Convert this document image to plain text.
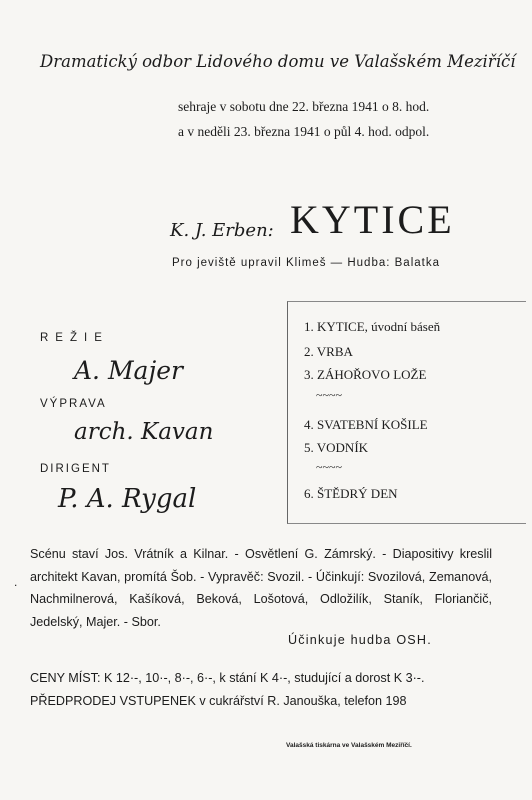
Dramatický odbor Lidového domu ve Valašském Meziříčí
sehraje v sobotu dne 22. března 1941 o 8. hod.
a v neděli 23. března 1941 o půl 4. hod. odpol.
K. J. Erben: KYTICE
Pro jeviště upravil Klimeš — Hudba: Balatka
REŽIE
A. Majer
VÝPRAVA
arch. Kavan
DIRIGENT
P. A. Rygal
1. KYTICE, úvodní báseň
2. VRBA
3. ZÁHOŘOVO LOŽE
~~~~
4. SVATEBNÍ KOŠILE
5. VODNÍK
~~~~
6. ŠTĚDRÝ DEN
.
Scénu staví Jos. Vrátník a Kilnar. - Osvětlení G. Zámrský. - Diapositivy kreslil architekt Kavan, promítá Šob. - Vypravěč: Svozil. - Účinkují: Svozilová, Zemanová, Nachmilnerová, Kašíková, Beková, Lošotová, Odložilík, Staník, Floriančič, Jedelský, Majer. - Sbor.
Účinkuje hudba OSH.
CENY MÍST: K 12·-, 10·-, 8·-, 6·-, k stání K 4·-, studující a dorost K 3·-.
PŘEDPRODEJ VSTUPENEK v cukrářství R. Janouška, telefon 198
Valašská tiskárna ve Valašském Meziříčí.
